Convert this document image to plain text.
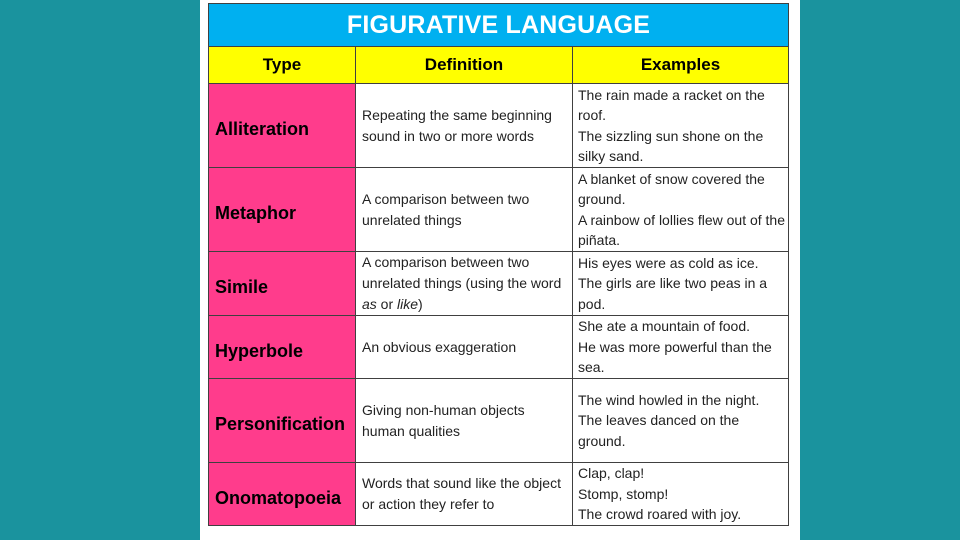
FIGURATIVE LANGUAGE		
Type	Definition	Examples
Alliteration	Repeating the same beginning sound in two or more words	The rain made a racket on the roof.
The sizzling sun shone on the silky sand.

Metaphor	A comparison between two unrelated things	A blanket of snow covered the ground.
A rainbow of lollies flew out of the piñata.

Simile	A comparison between two unrelated things (using the word as or like)	His eyes were as cold as ice.
The girls are like two peas in a pod.

Hyperbole	An obvious exaggeration	She ate a mountain of food.
He was more powerful than the sea.

Personification	Giving non-human objects human qualities	The wind howled in the night.
The leaves danced on the ground.

Onomatopoeia	Words that sound like the object or action they refer to	Clap, clap!
Stomp, stomp!
The crowd roared with joy.
